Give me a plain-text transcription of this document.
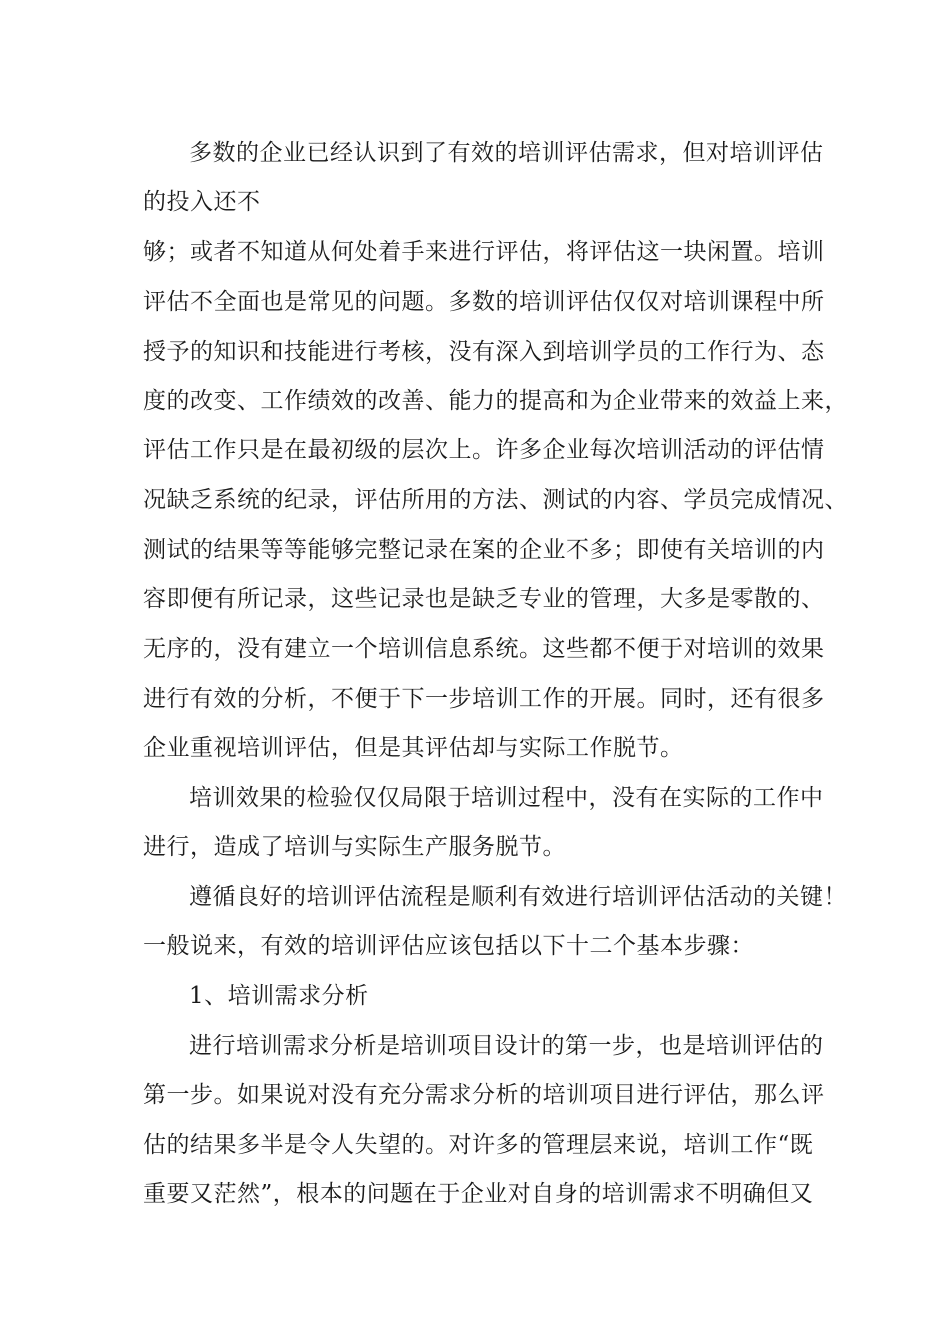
多数的企业已经认识到了有效的培训评估需求，但对培训评估
的投入还不
够；或者不知道从何处着手来进行评估，将评估这一块闲置。培训
评估不全面也是常见的问题。多数的培训评估仅仅对培训课程中所
授予的知识和技能进行考核，没有深入到培训学员的工作行为、态
度的改变、工作绩效的改善、能力的提高和为企业带来的效益上来，
评估工作只是在最初级的层次上。许多企业每次培训活动的评估情
况缺乏系统的纪录，评估所用的方法、测试的内容、学员完成情况、
测试的结果等等能够完整记录在案的企业不多；即使有关培训的内
容即便有所记录，这些记录也是缺乏专业的管理，大多是零散的、
无序的，没有建立一个培训信息系统。这些都不便于对培训的效果
进行有效的分析，不便于下一步培训工作的开展。同时，还有很多
企业重视培训评估，但是其评估却与实际工作脱节。
培训效果的检验仅仅局限于培训过程中，没有在实际的工作中
进行，造成了培训与实际生产服务脱节。
遵循良好的培训评估流程是顺利有效进行培训评估活动的关键！
一般说来，有效的培训评估应该包括以下十二个基本步骤：
1、培训需求分析
进行培训需求分析是培训项目设计的第一步，也是培训评估的
第一步。如果说对没有充分需求分析的培训项目进行评估，那么评
估的结果多半是令人失望的。对许多的管理层来说，培训工作“既
重要又茫然”，根本的问题在于企业对自身的培训需求不明确但又
